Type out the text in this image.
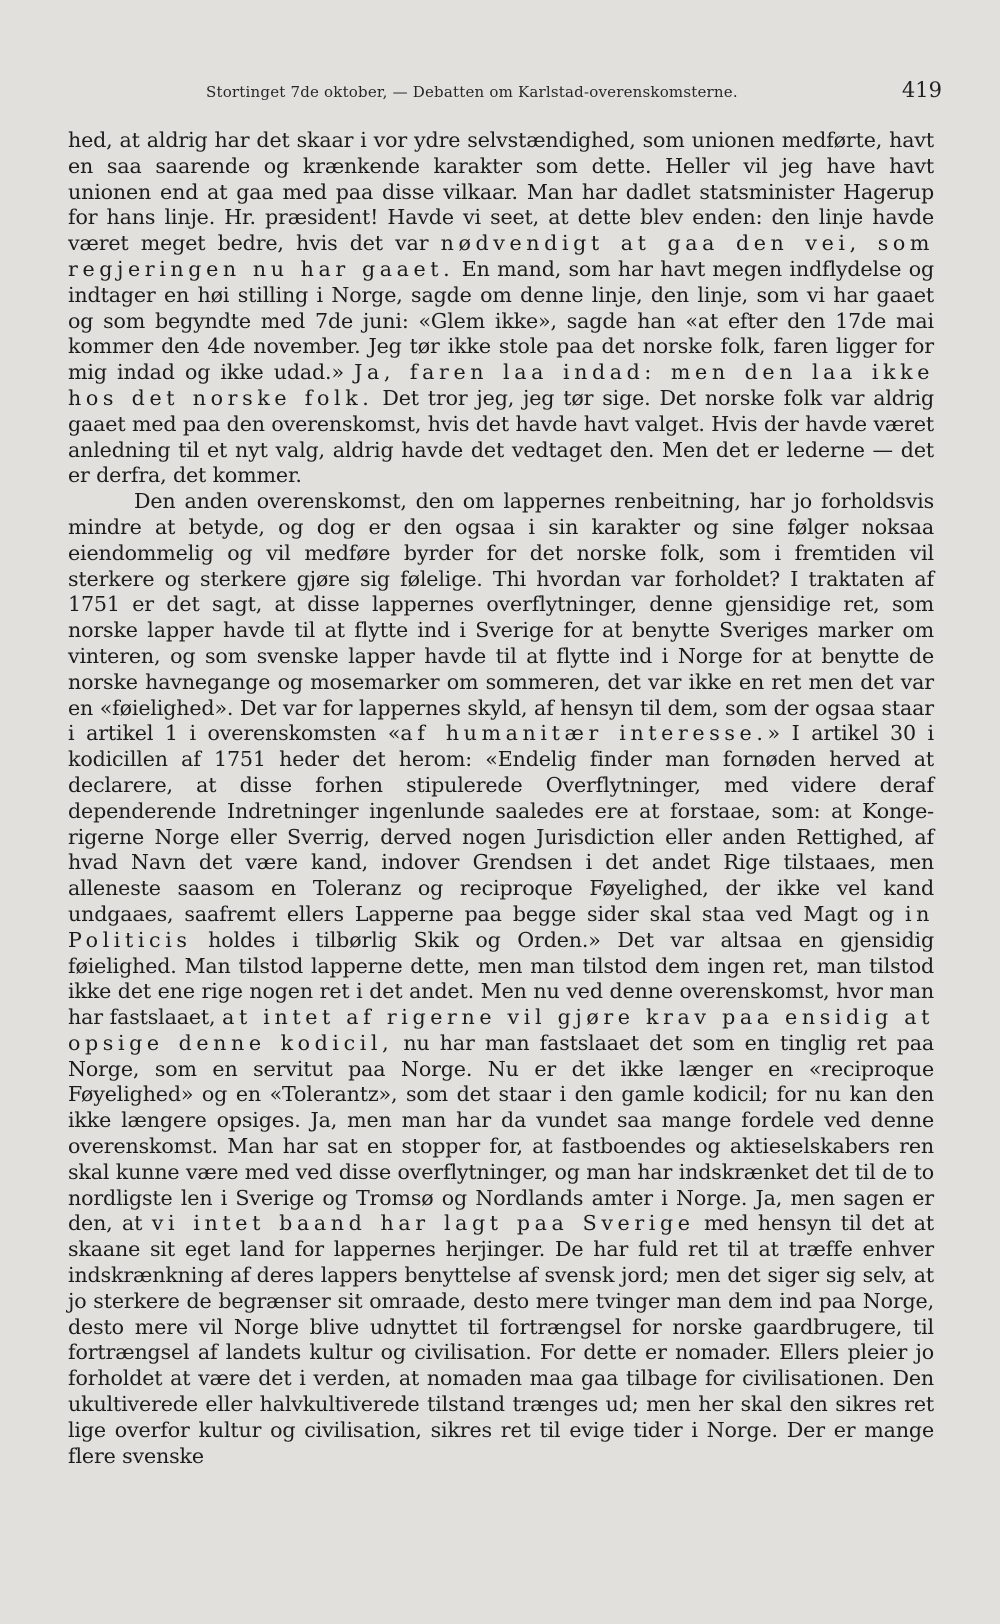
Stortinget 7de oktober, — Debatten om Karlstad-overenskomsterne.	419

hed, at aldrig har det skaar i vor ydre selvstændighed, som unionen medførte, havt en saa saarende og krænkende karakter som dette. Heller vil jeg have havt unionen end at gaa med paa disse vilkaar. Man har dadlet statsminister Hagerup for hans linje. Hr. præsident! Havde vi seet, at dette blev enden: den linje havde været meget bedre, hvis det var nødvendigt at gaa den vei, som regjeringen nu har gaaet. En mand, som har havt megen indflydelse og indtager en høi stilling i Norge, sagde om denne linje, den linje, som vi har gaaet og som begyndte med 7de juni: «Glem ikke», sagde han «at efter den 17de mai kommer den 4de november. Jeg tør ikke stole paa det norske folk, faren ligger for mig indad og ikke udad.» Ja, faren laa indad: men den laa ikke hos det norske folk. Det tror jeg, jeg tør sige. Det norske folk var aldrig gaaet med paa den overenskomst, hvis det havde havt valget. Hvis der havde været anledning til et nyt valg, aldrig havde det vedtaget den. Men det er lederne — det er derfra, det kommer.

Den anden overenskomst, den om lappernes renbeitning, har jo forholdsvis mindre at betyde, og dog er den ogsaa i sin karakter og sine følger noksaa eiendommelig og vil medføre byrder for det norske folk, som i fremtiden vil sterkere og sterkere gjøre sig følelige. Thi hvordan var forholdet? I traktaten af 1751 er det sagt, at disse lappernes overflytninger, denne gjensidige ret, som norske lapper havde til at flytte ind i Sverige for at benytte Sveriges marker om vinteren, og som svenske lapper havde til at flytte ind i Norge for at benytte de norske havnegange og mosemarker om sommeren, det var ikke en ret men det var en «føielighed». Det var for lappernes skyld, af hensyn til dem, som der ogsaa staar i artikel 1 i overenskomsten «af humanitær interesse.» I artikel 30 i kodicillen af 1751 heder det herom: «Endelig finder man fornøden herved at declarere, at disse forhen stipulerede Overflytninger, med videre deraf dependerende Indretninger ingenlunde saaledes ere at forstaae, som: at Konge-rigerne Norge eller Sverrig, derved nogen Jurisdiction eller anden Rettighed, af hvad Navn det være kand, indover Grendsen i det andet Rige tilstaaes, men alleneste saasom en Toleranz og reciproque Føyelighed, der ikke vel kand undgaaes, saafremt ellers Lapperne paa begge sider skal staa ved Magt og in Politicis holdes i tilbørlig Skik og Orden.» Det var altsaa en gjensidig føielighed. Man tilstod lapperne dette, men man tilstod dem ingen ret, man tilstod ikke det ene rige nogen ret i det andet. Men nu ved denne overenskomst, hvor man har fastslaaet, at intet af rigerne vil gjøre krav paa ensidig at opsige denne kodicil, nu har man fastslaaet det som en tinglig ret paa Norge, som en servitut paa Norge. Nu er det ikke længer en «reciproque Føyelighed» og en «Tolerantz», som det staar i den gamle kodicil; for nu kan den ikke længere opsiges. Ja, men man har da vundet saa mange fordele ved denne overenskomst. Man har sat en stopper for, at fastboendes og aktieselskabers ren skal kunne være med ved disse overflytninger, og man har indskrænket det til de to nordligste len i Sverige og Tromsø og Nordlands amter i Norge. Ja, men sagen er den, at vi intet baand har lagt paa Sverige med hensyn til det at skaane sit eget land for lappernes herjinger. De har fuld ret til at træffe enhver indskrænkning af deres lappers benyttelse af svensk jord; men det siger sig selv, at jo sterkere de begrænser sit omraade, desto mere tvinger man dem ind paa Norge, desto mere vil Norge blive udnyttet til fortrængsel for norske gaardbrugere, til fortrængsel af landets kultur og civilisation. For dette er nomader. Ellers pleier jo forholdet at være det i verden, at nomaden maa gaa tilbage for civilisationen. Den ukultiverede eller halvkultiverede tilstand trænges ud; men her skal den sikres ret lige overfor kultur og civilisation, sikres ret til evige tider i Norge. Der er mange flere svenske
